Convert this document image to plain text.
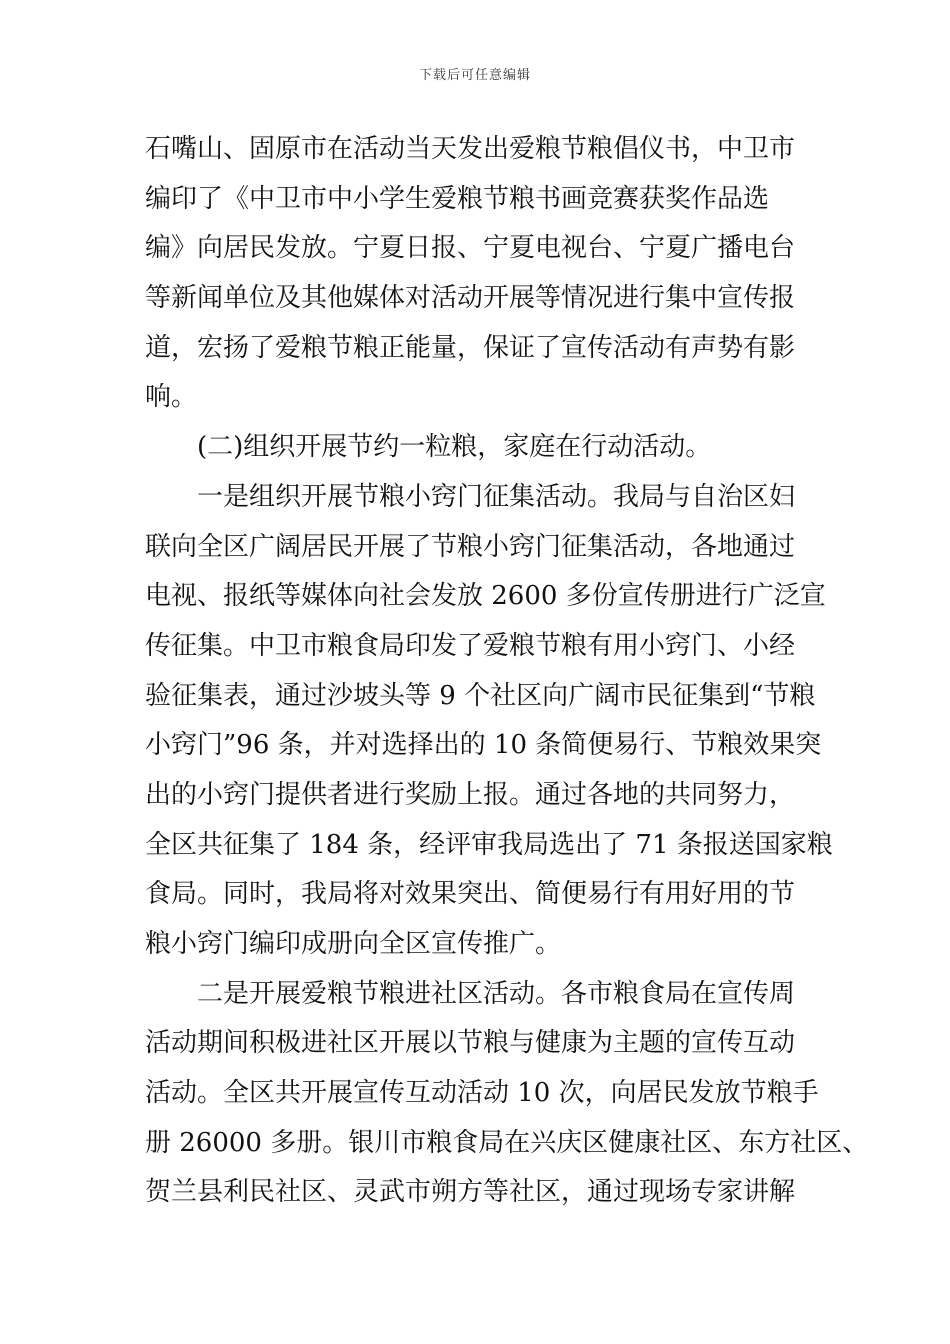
下载后可任意编辑
石嘴山、固原市在活动当天发出爱粮节粮倡仪书，中卫市
编印了《中卫市中小学生爱粮节粮书画竞赛获奖作品选
编》向居民发放。宁夏日报、宁夏电视台、宁夏广播电台
等新闻单位及其他媒体对活动开展等情况进行集中宣传报
道，宏扬了爱粮节粮正能量，保证了宣传活动有声势有影
响。
(二)组织开展节约一粒粮，家庭在行动活动。
一是组织开展节粮小窍门征集活动。我局与自治区妇
联向全区广阔居民开展了节粮小窍门征集活动，各地通过
电视、报纸等媒体向社会发放 2600 多份宣传册进行广泛宣
传征集。中卫市粮食局印发了爱粮节粮有用小窍门、小经
验征集表，通过沙坡头等 9 个社区向广阔市民征集到“节粮
小窍门”96 条，并对选择出的 10 条简便易行、节粮效果突
出的小窍门提供者进行奖励上报。通过各地的共同努力，
全区共征集了 184 条，经评审我局选出了 71 条报送国家粮
食局。同时，我局将对效果突出、简便易行有用好用的节
粮小窍门编印成册向全区宣传推广。
二是开展爱粮节粮进社区活动。各市粮食局在宣传周
活动期间积极进社区开展以节粮与健康为主题的宣传互动
活动。全区共开展宣传互动活动 10 次，向居民发放节粮手
册 26000 多册。银川市粮食局在兴庆区健康社区、东方社区、
贺兰县利民社区、灵武市朔方等社区，通过现场专家讲解
